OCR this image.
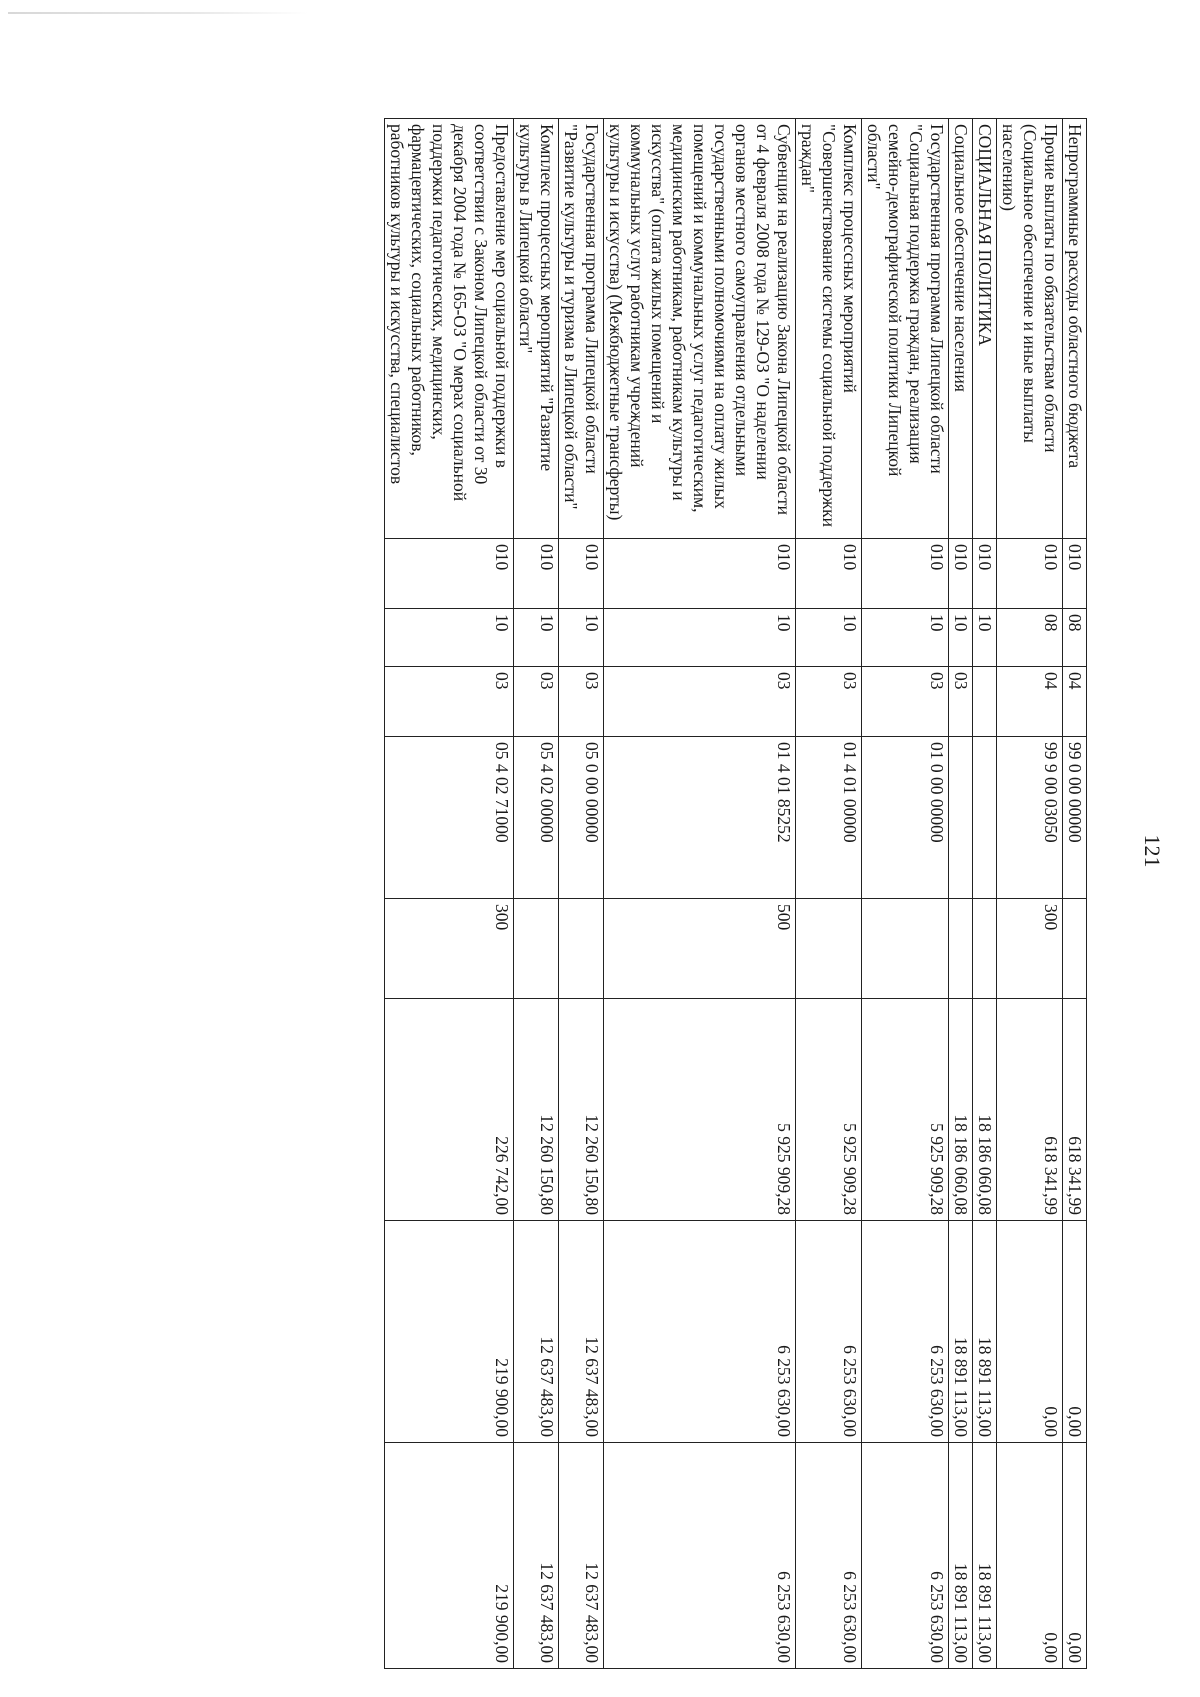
121
Непрограммные расходы областного бюджета	010	08	04	99 0 00 00000		618 341,99	0,00	0,00
Прочие выплаты по обязательствам области (Социальное обеспечение и иные выплаты населению)	010	08	04	99 9 00 03050	300	618 341,99	0,00	0,00
СОЦИАЛЬНАЯ ПОЛИТИКА	010	10				18 186 060,08	18 891 113,00	18 891 113,00
Социальное обеспечение населения	010	10	03			18 186 060,08	18 891 113,00	18 891 113,00
Государственная программа Липецкой области "Социальная поддержка граждан, реализация семейно-демографической политики Липецкой области"	010	10	03	01 0 00 00000		5 925 909,28	6 253 630,00	6 253 630,00
Комплекс процессных мероприятий "Совершенствование системы социальной поддержки граждан"	010	10	03	01 4 01 00000		5 925 909,28	6 253 630,00	6 253 630,00
Субвенция на реализацию Закона Липецкой области от 4 февраля 2008 года № 129-ОЗ "О наделении органов местного самоуправления отдельными государственными полномочиями на оплату жилых помещений и коммунальных услуг педагогическим, медицинским работникам, работникам культуры и искусства" (оплата жилых помещений и коммунальных услуг работникам учреждений культуры и искусства) (Межбюджетные трансферты)	010	10	03	01 4 01 85252	500	5 925 909,28	6 253 630,00	6 253 630,00
Государственная программа Липецкой области "Развитие культуры и туризма в Липецкой области"	010	10	03	05 0 00 00000		12 260 150,80	12 637 483,00	12 637 483,00
Комплекс процессных мероприятий "Развитие культуры в Липецкой области"	010	10	03	05 4 02 00000		12 260 150,80	12 637 483,00	12 637 483,00
Предоставление мер социальной поддержки в соответствии с Законом Липецкой области от 30 декабря 2004 года № 165-ОЗ "О мерах социальной поддержки педагогических, медицинских, фармацевтических, социальных работников, работников культуры и искусства, специалистов	010	10	03	05 4 02 71000	300	226 742,00	219 900,00	219 900,00
